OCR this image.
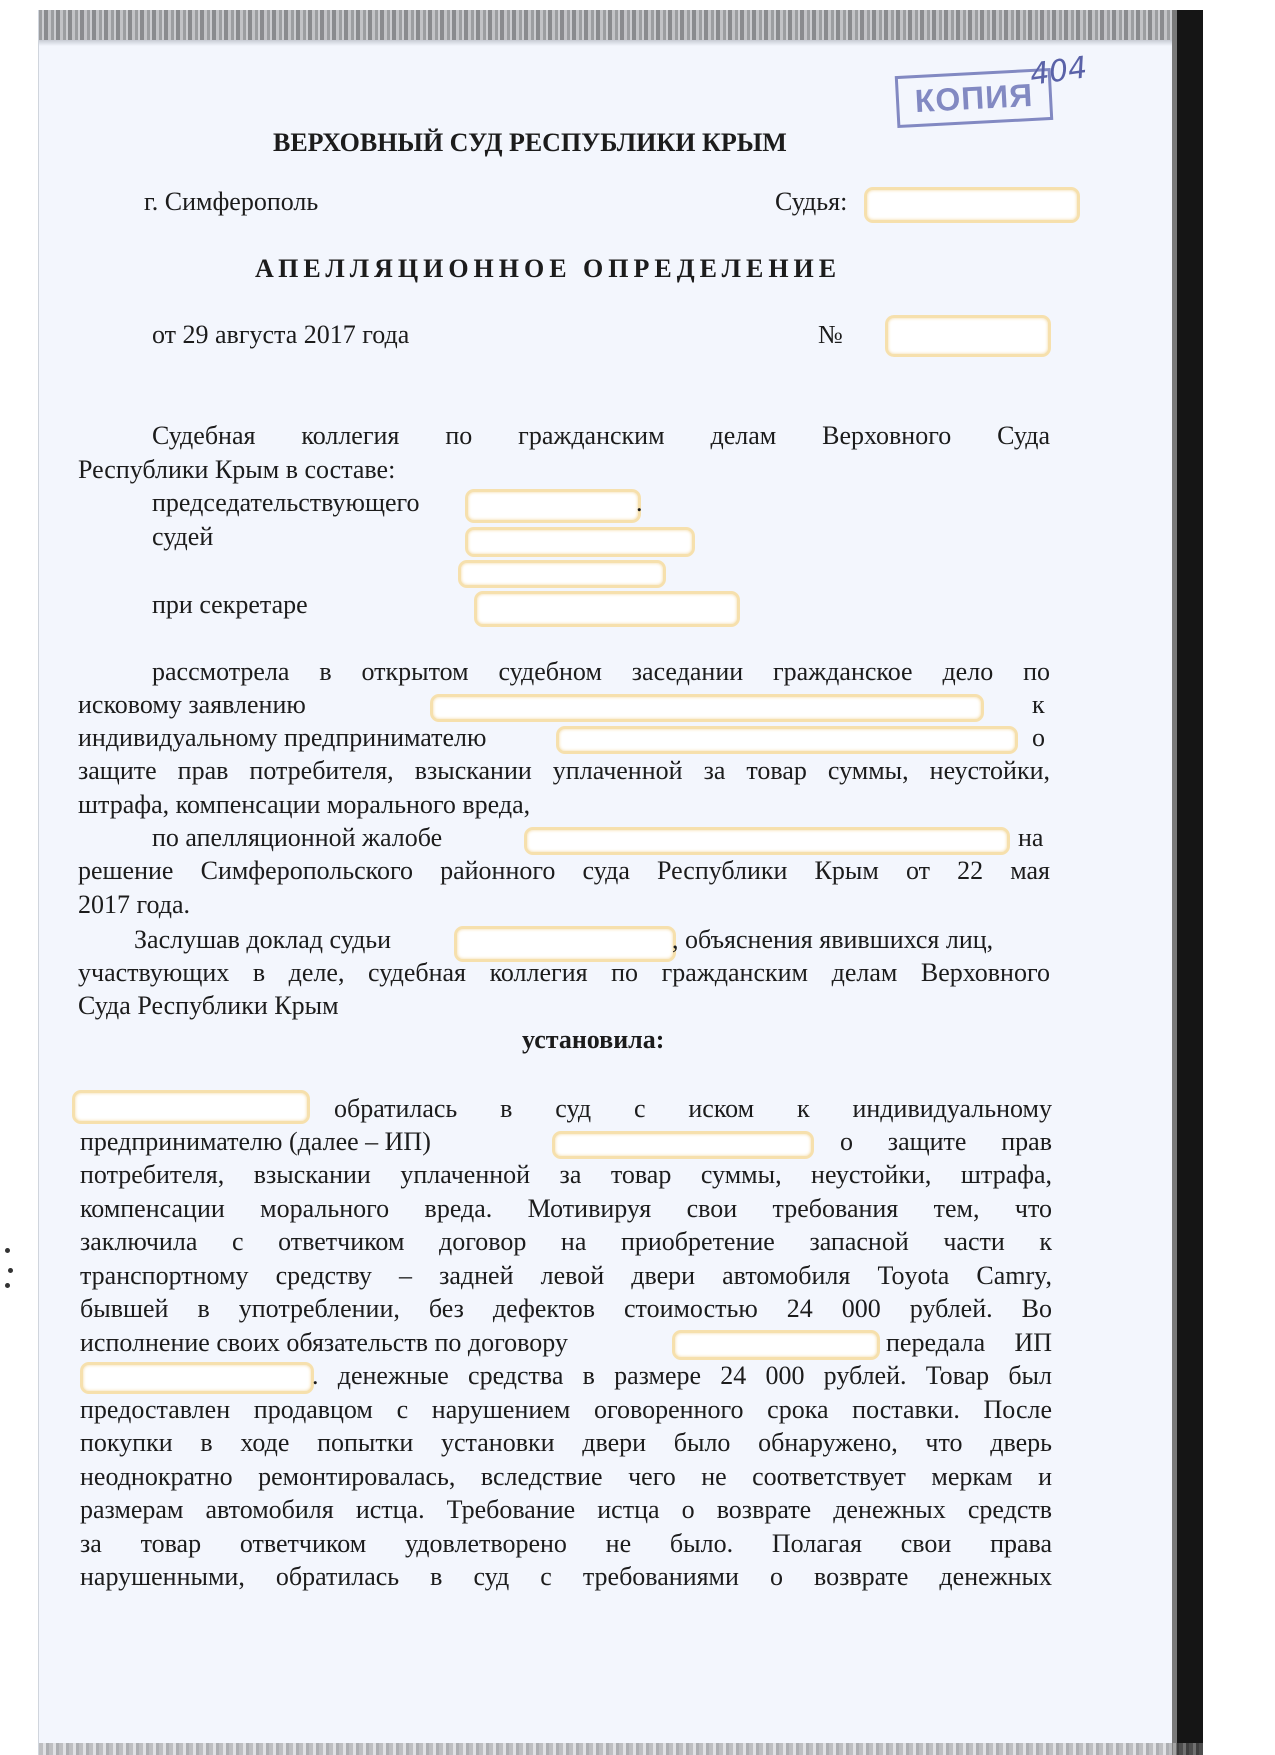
КОПИЯ
404
ВЕРХОВНЫЙ СУД РЕСПУБЛИКИ КРЫМ
г. Симферополь	Судья:
АПЕЛЛЯЦИОННОЕ ОПРЕДЕЛЕНИЕ
от 29 августа 2017 года	№
Судебная коллегия по гражданским делам Верховного Суда
Республики Крым в составе:
председательствующего	.
судей
при секретаре
рассмотрела в открытом судебном заседании гражданское дело по
исковому заявлению	к
индивидуальному предпринимателю	о
защите прав потребителя, взыскании уплаченной за товар суммы, неустойки,
штрафа, компенсации морального вреда,
по апелляционной жалобе	на
решение Симферопольского районного суда Республики Крым от 22 мая
2017 года.
Заслушав доклад судьи	, объяснения явившихся лиц,
участвующих в деле, судебная коллегия по гражданским делам Верховного
Суда Республики Крым
установила:
обратилась в суд с иском к индивидуальному
предпринимателю (далее – ИП)	о защите прав
потребителя, взыскании уплаченной за товар суммы, неустойки, штрафа,
компенсации морального вреда. Мотивируя свои требования тем, что
заключила с ответчиком договор на приобретение запасной части к
транспортному средству – задней левой двери автомобиля Toyota Camry,
бывшей в употреблении, без дефектов стоимостью 24 000 рублей. Во
исполнение своих обязательств по договору	передала ИП
. денежные средства в размере 24 000 рублей. Товар был
предоставлен продавцом с нарушением оговоренного срока поставки. После
покупки в ходе попытки установки двери было обнаружено, что дверь
неоднократно ремонтировалась, вследствие чего не соответствует меркам и
размерам автомобиля истца. Требование истца о возврате денежных средств
за товар ответчиком удовлетворено не было. Полагая свои права
нарушенными, обратилась в суд с требованиями о возврате денежных
